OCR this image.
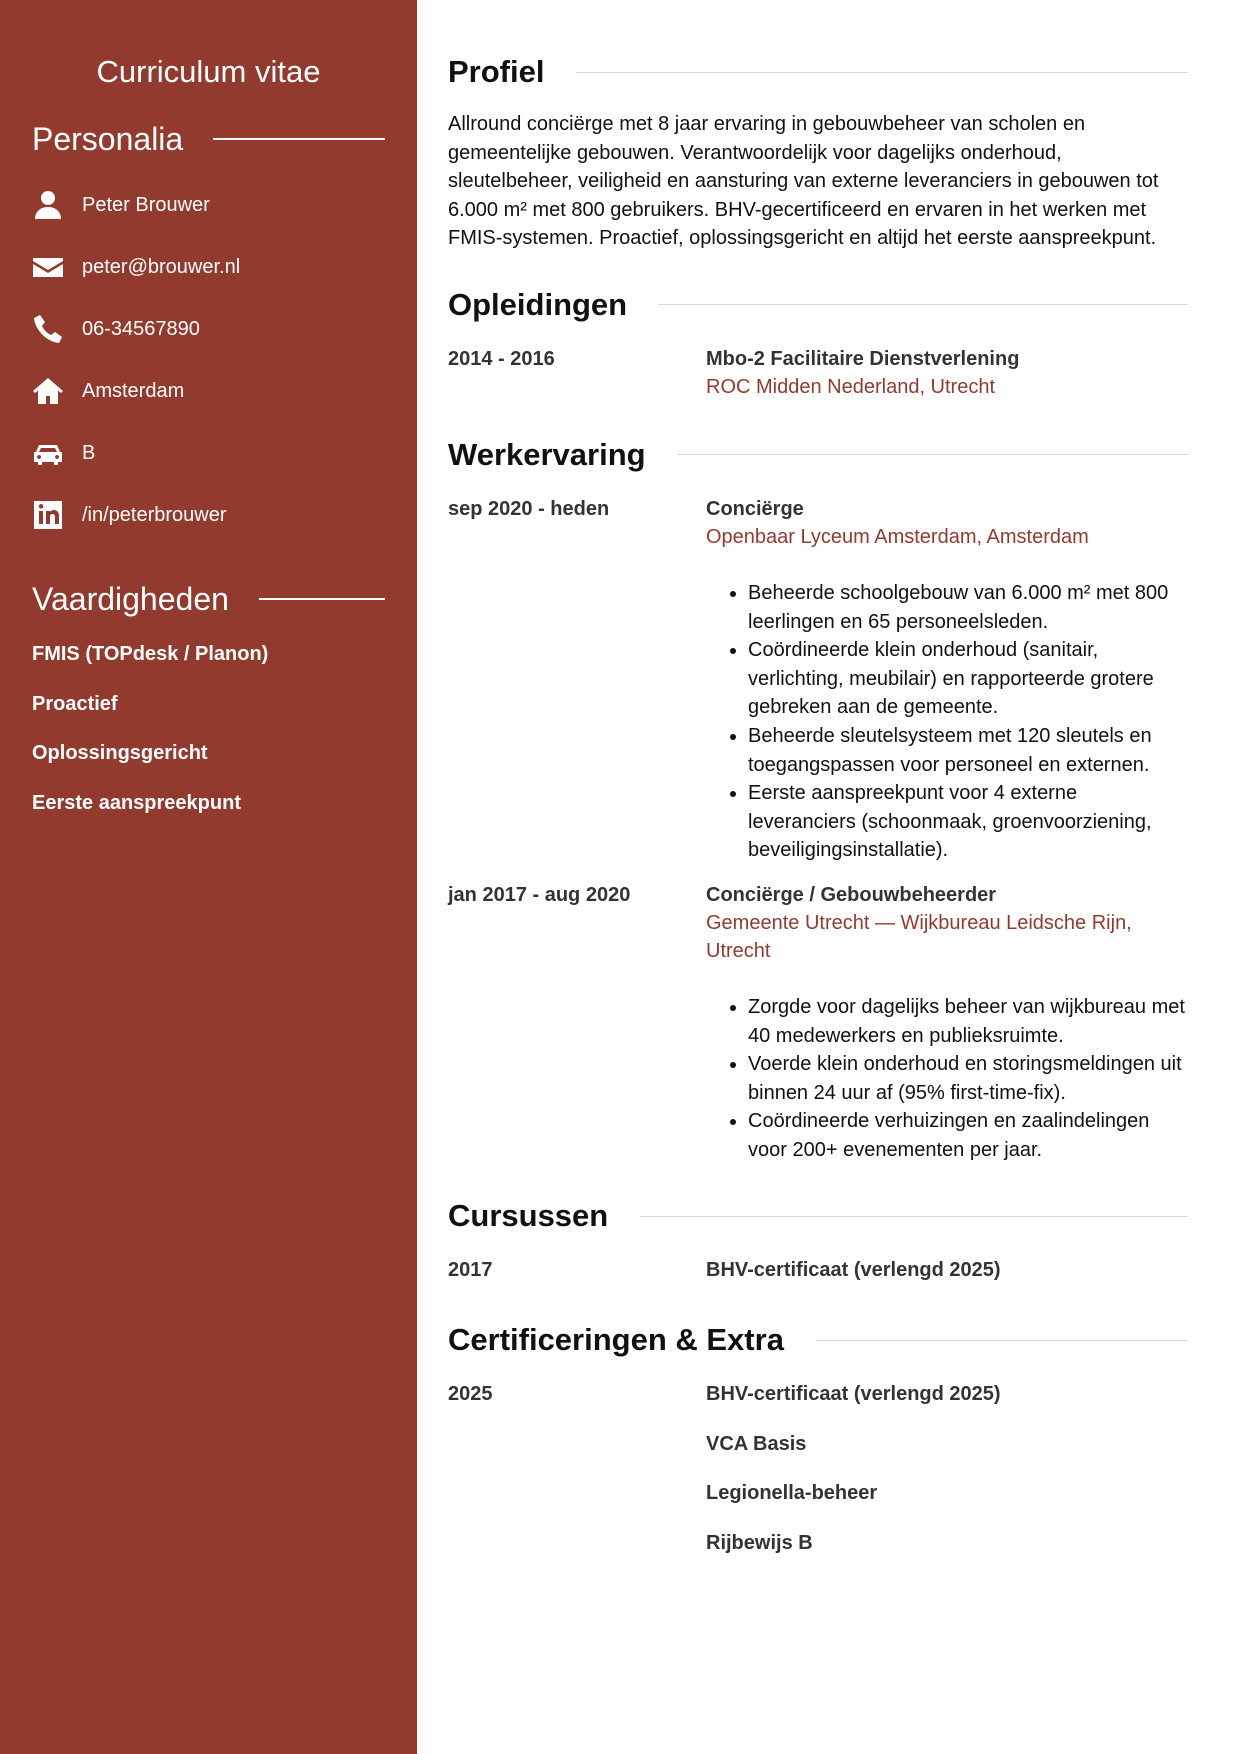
Curriculum vitae
Personalia
Peter Brouwer
peter@brouwer.nl
06-34567890
Amsterdam
B
/in/peterbrouwer
Vaardigheden
FMIS (TOPdesk / Planon)
Proactief
Oplossingsgericht
Eerste aanspreekpunt
Profiel

Allround conciërge met 8 jaar ervaring in gebouwbeheer van scholen en gemeentelijke gebouwen. Verantwoordelijk voor dagelijks onderhoud, sleutelbeheer, veiligheid en aansturing van externe leveranciers in gebouwen tot 6.000 m² met 800 gebruikers. BHV-gecertificeerd en ervaren in het werken met FMIS-systemen. Proactief, oplossingsgericht en altijd het eerste aanspreekpunt.

Opleidingen
2014 - 2016	Mbo-2 Facilitaire Dienstverlening
ROC Midden Nederland, Utrecht
Werkervaring
sep 2020 - heden	Conciërge
Openbaar Lyceum Amsterdam, Amsterdam
• Beheerde schoolgebouw van 6.000 m² met 800 leerlingen en 65 personeelsleden.
• Coördineerde klein onderhoud (sanitair, verlichting, meubilair) en rapporteerde grotere gebreken aan de gemeente.
• Beheerde sleutelsysteem met 120 sleutels en toegangspassen voor personeel en externen.
• Eerste aanspreekpunt voor 4 externe leveranciers (schoonmaak, groenvoorziening, beveiligingsinstallatie).
jan 2017 - aug 2020	Conciërge / Gebouwbeheerder
Gemeente Utrecht — Wijkbureau Leidsche Rijn, Utrecht
• Zorgde voor dagelijks beheer van wijkbureau met 40 medewerkers en publieksruimte.
• Voerde klein onderhoud en storingsmeldingen uit binnen 24 uur af (95% first-time-fix).
• Coördineerde verhuizingen en zaalindelingen voor 200+ evenementen per jaar.
Cursussen
2017	BHV-certificaat (verlengd 2025)
Certificeringen & Extra
2025	BHV-certificaat (verlengd 2025)
VCA Basis
Legionella-beheer
Rijbewijs B
